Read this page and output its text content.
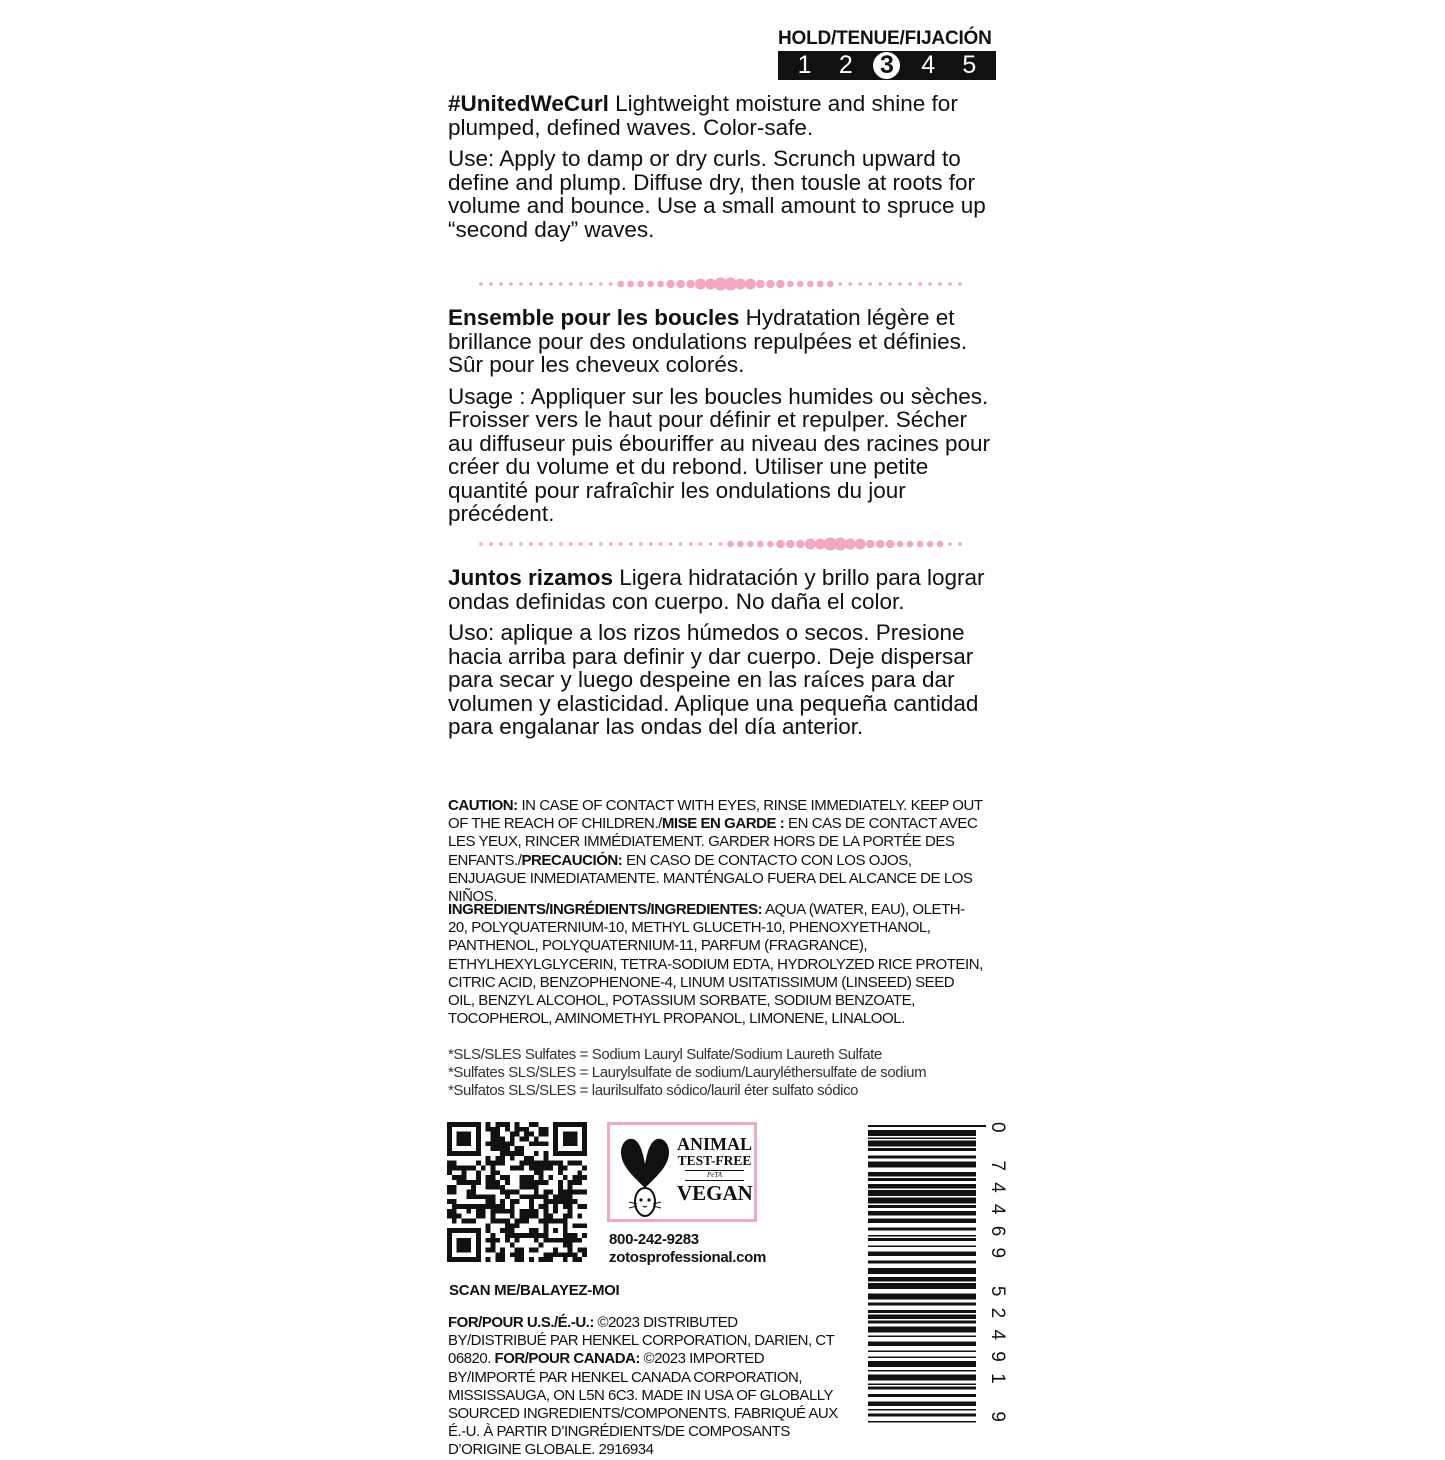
HOLD/TENUE/FIJACIÓN
1 2 3 4 5

#UnitedWeCurl Lightweight moisture and shine for plumped, defined waves. Color-safe.

Use: Apply to damp or dry curls. Scrunch upward to define and plump. Diffuse dry, then tousle at roots for volume and bounce. Use a small amount to spruce up “second day” waves.

Ensemble pour les boucles Hydratation légère et brillance pour des ondulations repulpées et définies. Sûr pour les cheveux colorés.

Usage : Appliquer sur les boucles humides ou sèches. Froisser vers le haut pour définir et repulper. Sécher au diffuseur puis ébouriffer au niveau des racines pour créer du volume et du rebond. Utiliser une petite quantité pour rafraîchir les ondulations du jour précédent.

Juntos rizamos Ligera hidratación y brillo para lograr ondas definidas con cuerpo. No daña el color.

Uso: aplique a los rizos húmedos o secos. Presione hacia arriba para definir y dar cuerpo. Deje dispersar para secar y luego despeine en las raíces para dar volumen y elasticidad. Aplique una pequeña cantidad para engalanar las ondas del día anterior.

CAUTION: IN CASE OF CONTACT WITH EYES, RINSE IMMEDIATELY. KEEP OUT OF THE REACH OF CHILDREN./MISE EN GARDE : EN CAS DE CONTACT AVEC LES YEUX, RINCER IMMÉDIATEMENT. GARDER HORS DE LA PORTÉE DES ENFANTS./PRECAUCIÓN: EN CASO DE CONTACTO CON LOS OJOS, ENJUAGUE INMEDIATAMENTE. MANTÉNGALO FUERA DEL ALCANCE DE LOS NIÑOS.
INGREDIENTS/INGRÉDIENTS/INGREDIENTES: AQUA (WATER, EAU), OLETH-20, POLYQUATERNIUM-10, METHYL GLUCETH-10, PHENOXYETHANOL, PANTHENOL, POLYQUATERNIUM-11, PARFUM (FRAGRANCE), ETHYLHEXYLGLYCERIN, TETRA-SODIUM EDTA, HYDROLYZED RICE PROTEIN, CITRIC ACID, BENZOPHENONE-4, LINUM USITATISSIMUM (LINSEED) SEED OIL, BENZYL ALCOHOL, POTASSIUM SORBATE, SODIUM BENZOATE, TOCOPHEROL, AMINOMETHYL PROPANOL, LIMONENE, LINALOOL.
*SLS/SLES Sulfates = Sodium Lauryl Sulfate/Sodium Laureth Sulfate
*Sulfates SLS/SLES = Laurylsulfate de sodium/Lauryléthersulfate de sodium
*Sulfatos SLS/SLES = laurilsulfato sódico/lauril éter sulfato sódico
SCAN ME/BALAYEZ-MOI
ANIMAL
TEST-FREE
PeTA
VEGAN
800-242-9283
zotosprofessional.com
FOR/POUR U.S./É.-U.: ©2023 DISTRIBUTED BY/DISTRIBUÉ PAR HENKEL CORPORATION, DARIEN, CT 06820. FOR/POUR CANADA: ©2023 IMPORTED BY/IMPORTÉ PAR HENKEL CANADA CORPORATION, MISSISSAUGA, ON L5N 6C3. MADE IN USA OF GLOBALLY SOURCED INGREDIENTS/COMPONENTS. FABRIQUÉ AUX É.-U. À PARTIR D’INGRÉDIENTS/DE COMPOSANTS D’ORIGINE GLOBALE. 2916934
0 74469 52491 9
